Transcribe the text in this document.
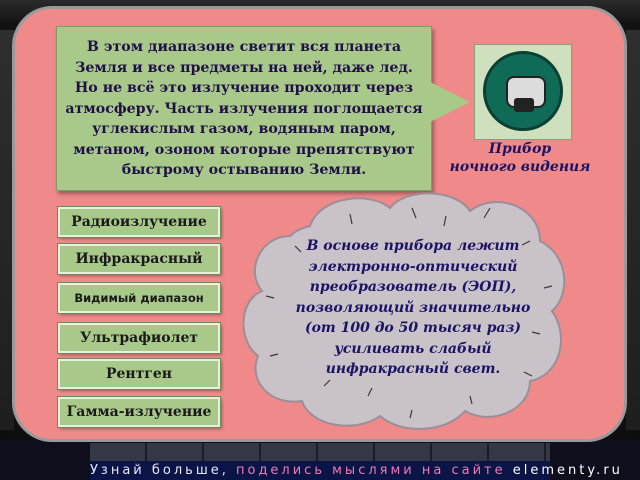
Узнай больше, поделись мыслями на сайте elementy.ru
В этом диапазоне светит вся планета Земля и все предметы на ней, даже лед. Но не всё это излучение проходит через атмосферу. Часть излучения поглощается углекислым газом, водяным паром, метаном, озоном которые препятствуют быстрому остыванию Земли.
Прибор
ночного видения
Радиоизлучение
Инфракрасный
Видимый диапазон
Ультрафиолет
Рентген
Гамма-излучение
В основе прибора лежит электронно-оптический преобразователь (ЭОП), позволяющий значительно (от 100 до 50 тысяч раз) усиливать слабый инфракрасный свет.
